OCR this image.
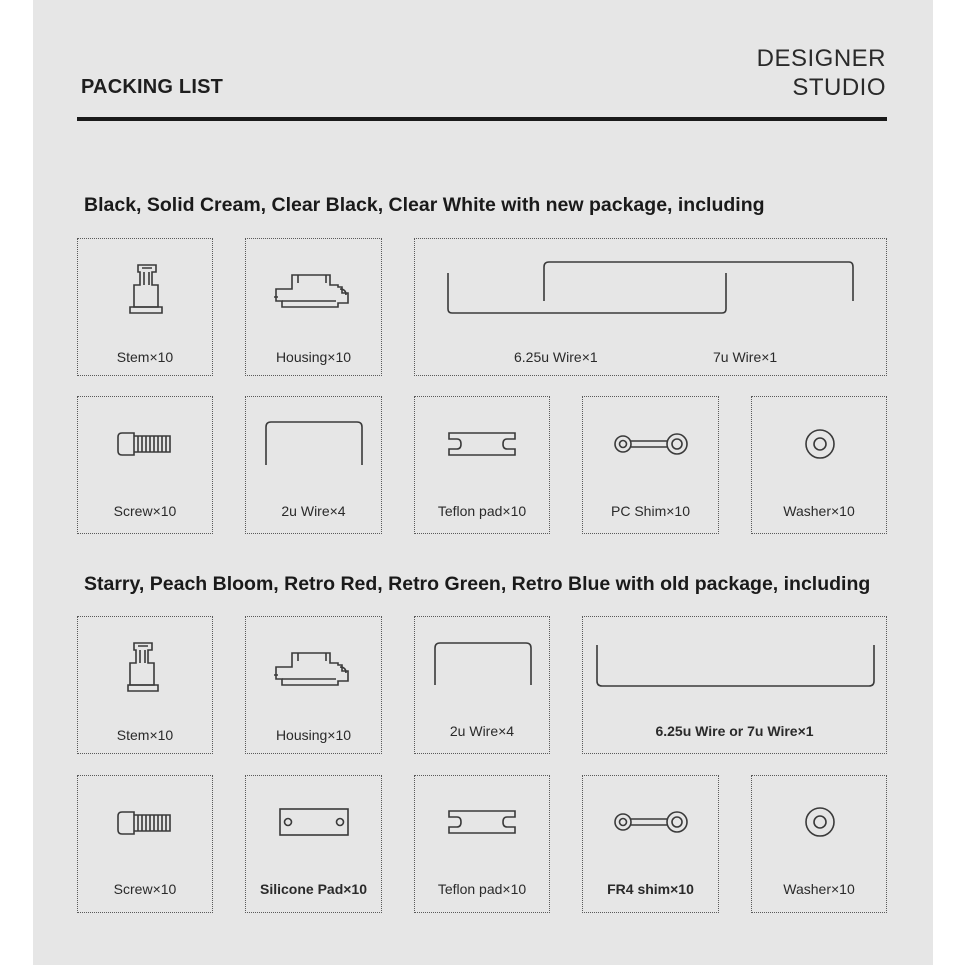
PACKING LIST
DESIGNER
STUDIO
Black, Solid Cream, Clear Black, Clear White with new package, including
Stem×10	Housing×10	6.25u Wire×1	7u Wire×1
Screw×10	2u Wire×4	Teflon pad×10	PC Shim×10	Washer×10
Starry, Peach Bloom, Retro Red, Retro Green, Retro Blue with old package, including
Stem×10	Housing×10	2u Wire×4	6.25u Wire or 7u Wire×1
Screw×10	Silicone Pad×10	Teflon pad×10	FR4 shim×10	Washer×10
